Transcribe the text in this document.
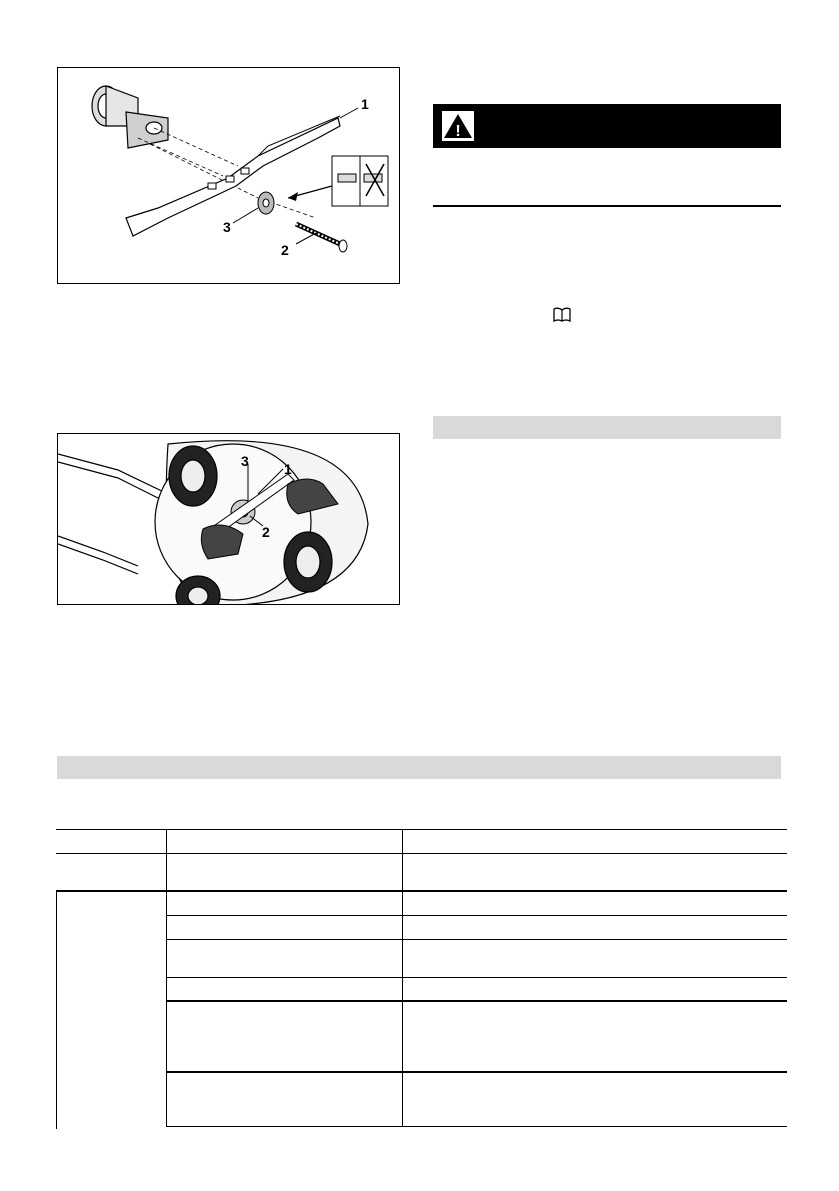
1
2
3
3	1
2
!
